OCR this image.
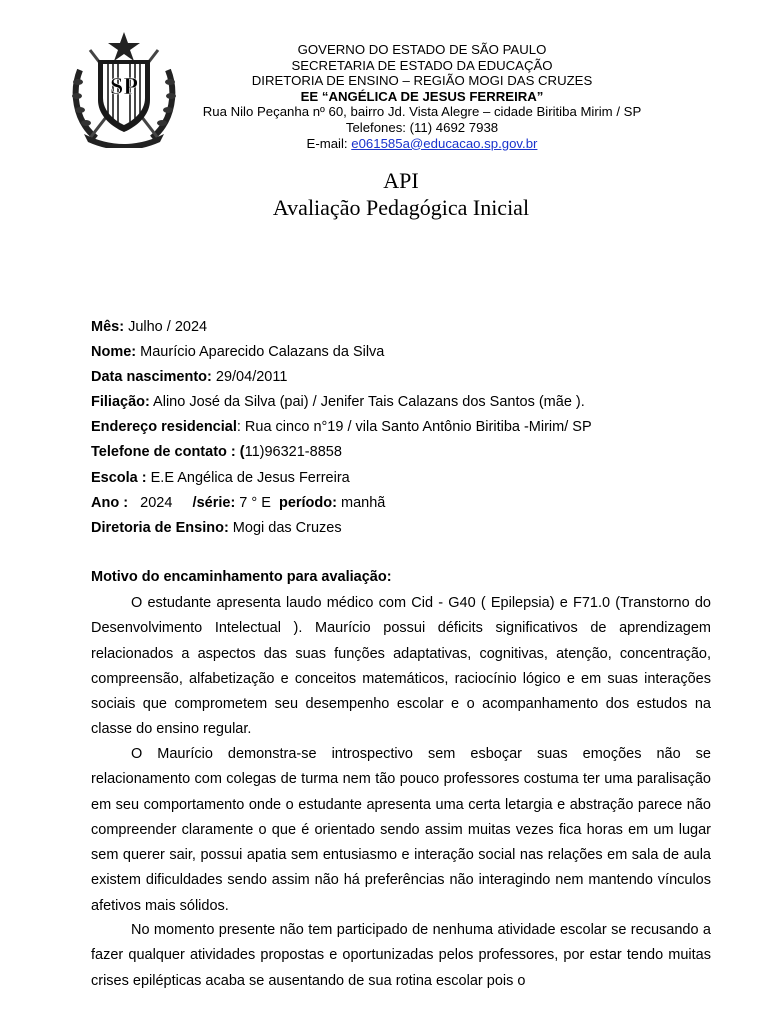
SP
GOVERNO DO ESTADO DE SÃO PAULO
SECRETARIA DE ESTADO DA EDUCAÇÃO
DIRETORIA DE ENSINO – REGIÃO MOGI DAS CRUZES
EE “ANGÉLICA DE JESUS FERREIRA”
Rua Nilo Peçanha nº 60, bairro Jd. Vista Alegre – cidade Biritiba Mirim / SP
Telefones: (11) 4692 7938
E-mail: e061585a@educacao.sp.gov.br
API
Avaliação Pedagógica Inicial
Mês: Julho / 2024
Nome: Maurício Aparecido Calazans da Silva
Data nascimento: 29/04/2011
Filiação: Alino José da Silva (pai) / Jenifer Tais Calazans dos Santos (mãe ).
Endereço residencial: Rua cinco n°19 / vila Santo Antônio Biritiba -Mirim/ SP
Telefone de contato : (11)96321-8858
Escola : E.E Angélica de Jesus Ferreira
Ano :   2024     /série: 7 ° E  período: manhã
Diretoria de Ensino: Mogi das Cruzes
Motivo do encaminhamento para avaliação:

O estudante apresenta laudo médico com Cid - G40 ( Epilepsia) e F71.0 (Transtorno do Desenvolvimento Intelectual ). Maurício possui déficits significativos de aprendizagem relacionados a aspectos das suas funções adaptativas, cognitivas, atenção, concentração, compreensão, alfabetização e conceitos matemáticos, raciocínio lógico e em suas interações sociais que comprometem seu desempenho escolar e o acompanhamento dos estudos na classe do ensino regular.

O Maurício demonstra-se introspectivo sem esboçar suas emoções não se relacionamento com colegas de turma nem tão pouco professores costuma ter uma paralisação em seu comportamento onde o estudante apresenta uma certa letargia e abstração parece não compreender claramente o que é orientado sendo assim muitas vezes fica horas em um lugar sem querer sair, possui apatia sem entusiasmo e interação social nas relações em sala de aula existem dificuldades sendo assim não há preferências não interagindo nem mantendo vínculos afetivos mais sólidos.

No momento presente não tem participado de nenhuma atividade escolar se recusando a fazer qualquer atividades propostas e oportunizadas pelos professores, por estar tendo muitas crises epilépticas acaba se ausentando de sua rotina escolar pois o
